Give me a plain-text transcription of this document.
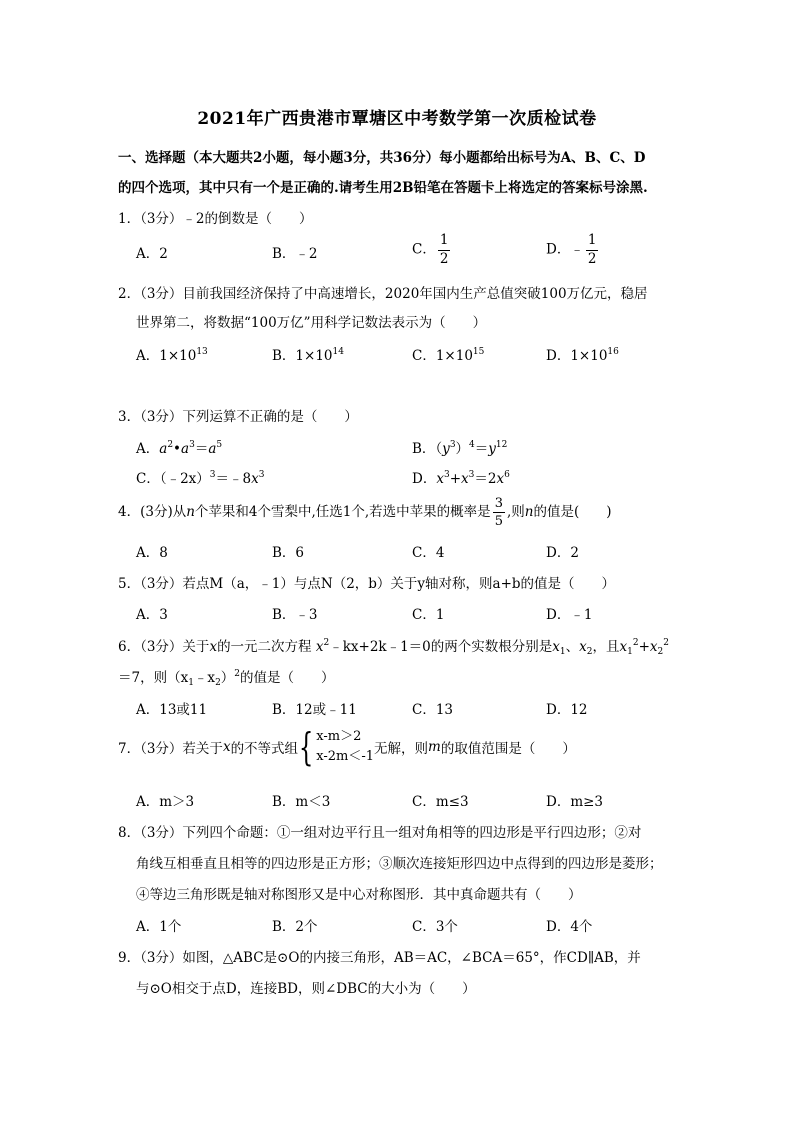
2021年广西贵港市覃塘区中考数学第一次质检试卷
一、选择题（本大题共2小题，每小题3分，共36分）每小题都给出标号为A、B、C、D
的四个选项，其中只有一个是正确的.请考生用2B铅笔在答题卡上将选定的答案标号涂黑.
1．（3分）﹣2的倒数是（　　）
A．2	B．﹣2	C． $\frac{1}{2}$	D．﹣ $\frac{1}{2}$
2．（3分）目前我国经济保持了中高速增长，2020年国内生产总值突破100万亿元，稳居
世界第二，将数据“100万亿”用科学记数法表示为（　　）
A．$1\times 10^{13}$	B．$1\times 10^{14}$	C．$1\times 10^{15}$	D．$1\times 10^{16}$
3．（3分）下列运算不正确的是（　　）
A．$a^2•a^3=a^5$	B．$(y^3)^4=y^{12}$
C．$(﹣2x)^3=﹣8x^3$	D．$x^3+x^3=2x^6$
4．(3分)从n个苹果和4个雪梨中,任选1个,若选中苹果的概率是 $\frac{3}{5}$ ,则n的值是(　　)
A．8	B．6	C．4	D．2
5．（3分）若点M（a，﹣1）与点N（2，b）关于y轴对称，则a+b的值是（　　）
A．3	B．﹣3	C．1	D．﹣1
6．（3分）关于x的一元二次方程 $x^2﹣kx+2k﹣1=0$的两个实数根分别是$x_1$、$x_2$，且$x_1^2+x_2^2$
＝7，则$(x_1﹣x_2)^2$的值是（　　）
A．13或11	B．12或﹣11	C．13	D．12
7．（3分）若关于x的不等式组{ x-m＞2
x-2m＜-1 无解，则m的取值范围是（　　）
A．m＞3	B．m＜3	C．m≤3	D．m≥3
8．（3分）下列四个命题：①一组对边平行且一组对角相等的四边形是平行四边形；②对
角线互相垂直且相等的四边形是正方形；③顺次连接矩形四边中点得到的四边形是菱形；
④等边三角形既是轴对称图形又是中心对称图形．其中真命题共有（　　）
A．1个	B．2个	C．3个	D．4个
9．（3分）如图，△ABC是⊙O的内接三角形，AB＝AC，∠BCA＝65°，作CD∥AB，并
与⊙O相交于点D，连接BD，则∠DBC的大小为（　　）
